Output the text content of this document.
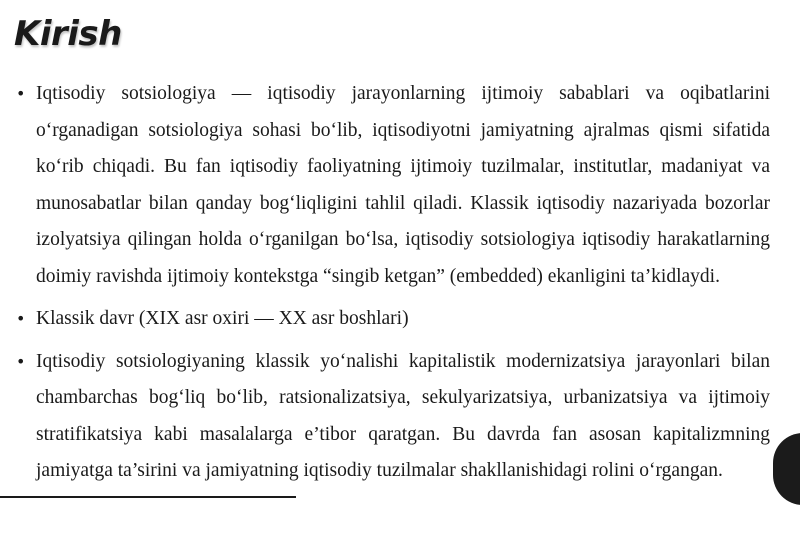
Kirish
• Iqtisodiy sotsiologiya — iqtisodiy jarayonlarning ijtimoiy sabablari va oqibatlarini o‘rganadigan sotsiologiya sohasi bo‘lib, iqtisodiyotni jamiyatning ajralmas qismi sifatida ko‘rib chiqadi. Bu fan iqtisodiy faoliyatning ijtimoiy tuzilmalar, institutlar, madaniyat va munosabatlar bilan qanday bog‘liqligini tahlil qiladi. Klassik iqtisodiy nazariyada bozorlar izolyatsiya qilingan holda o‘rganilgan bo‘lsa, iqtisodiy sotsiologiya iqtisodiy harakatlarning doimiy ravishda ijtimoiy kontekstga “singib ketgan” (embedded) ekanligini ta’kidlaydi.
• Klassik davr (XIX asr oxiri — XX asr boshlari)
• Iqtisodiy sotsiologiyaning klassik yo‘nalishi kapitalistik modernizatsiya jarayonlari bilan chambarchas bog‘liq bo‘lib, ratsionalizatsiya, sekulyarizatsiya, urbanizatsiya va ijtimoiy stratifikatsiya kabi masalalarga e’tibor qaratgan. Bu davrda fan asosan kapitalizmning jamiyatga ta’sirini va jamiyatning iqtisodiy tuzilmalar shakllanishidagi rolini o‘rgangan.
